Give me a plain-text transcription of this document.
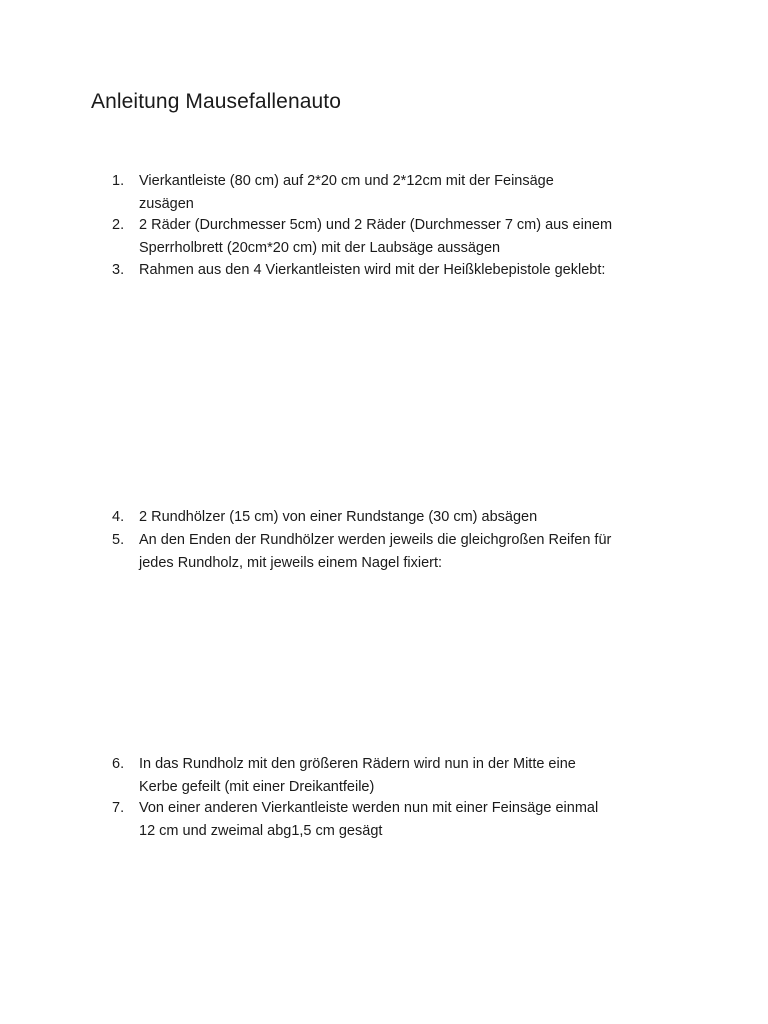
Anleitung Mausefallenauto
1.	Vierkantleiste (80 cm) auf 2*20 cm und 2*12cm mit der Feinsäge
zusägen
2.	2 Räder (Durchmesser 5cm) und 2 Räder (Durchmesser 7 cm) aus einem
Sperrholbrett (20cm*20 cm) mit der Laubsäge aussägen
3.	Rahmen aus den 4 Vierkantleisten wird mit der Heißklebepistole geklebt:
4.	2 Rundhölzer (15 cm) von einer Rundstange (30 cm) absägen
5.	An den Enden der Rundhölzer werden jeweils die gleichgroßen Reifen für
jedes Rundholz, mit jeweils einem Nagel fixiert:
6.	In das Rundholz mit den größeren Rädern wird nun in der Mitte eine
Kerbe gefeilt (mit einer Dreikantfeile)
7.	Von einer anderen Vierkantleiste werden nun mit einer Feinsäge einmal
12 cm und zweimal abg1,5 cm gesägt
